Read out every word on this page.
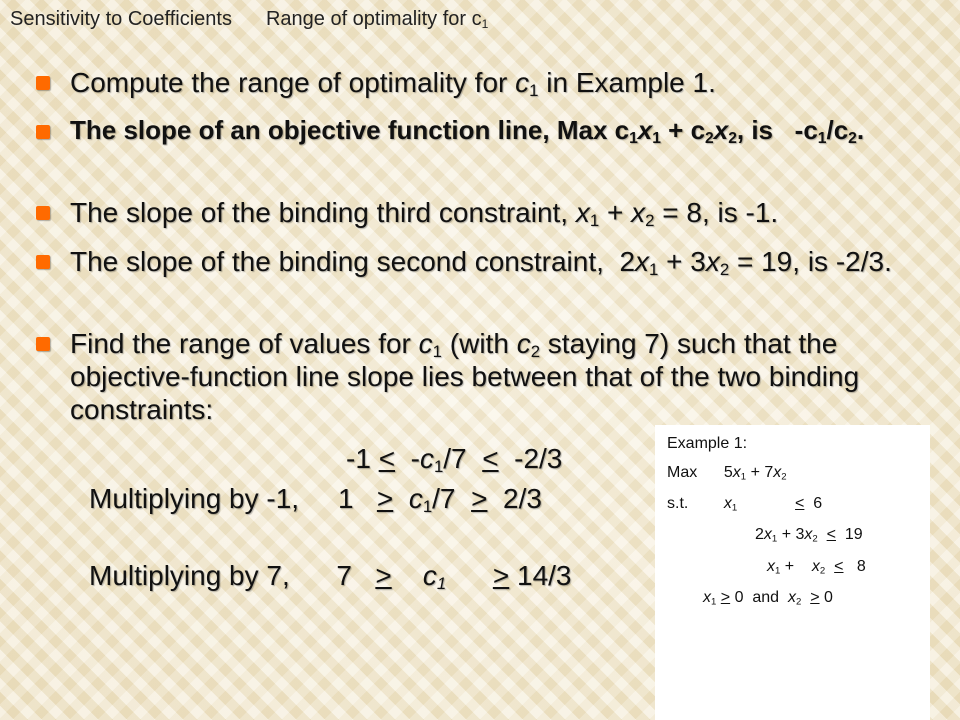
Sensitivity to Coefficients Range of optimality for $c_1$
Compute the range of optimality for $c_1$ in Example 1.
The slope of an objective function line, Max $c_1x_1 + c_2x_2$, is   $-c_1/c_2$.
The slope of the binding third constraint, $x_1 + x_2 = 8$, is -1.
The slope of the binding second constraint,  $2x_1 + 3x_2 = 19$, is -2/3.
Find the range of values for $c_1$ (with $c_2$ staying 7) such that the objective-function line slope lies between that of the two binding constraints:
$-1 < -c_1/7 < -2/3$
Multiplying by -1,     $1 > c_1/7 > 2/3$
Multiplying by 7,      $7 > c_1 > 14/3$
Example 1:
Max      $5x_1 + 7x_2$
s.t.        $x_1$	<  6
$2x_1 + 3x_2 < 19$
$x_1$ +    $x_2 < 8$
$x_1 > 0$  and  $x_2 > 0$
